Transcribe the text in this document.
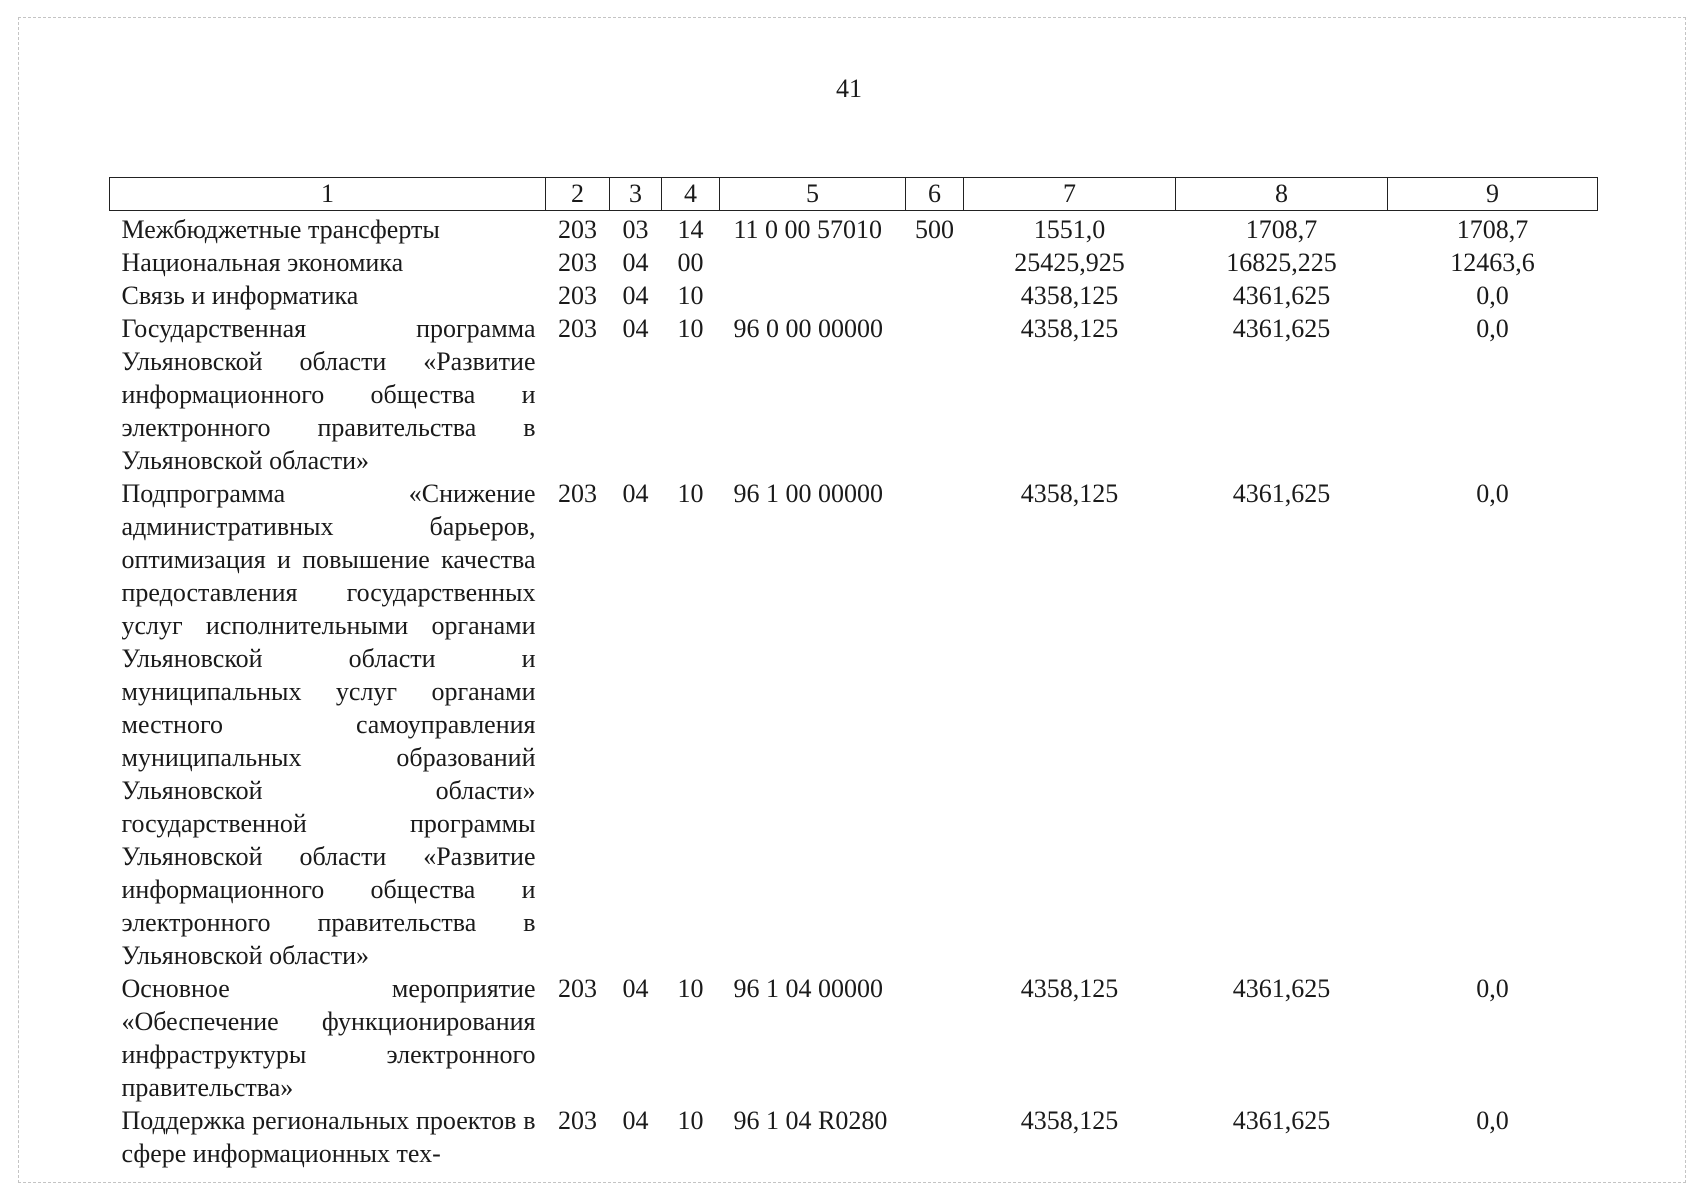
41
1	2	3	4	5	6	7	8	9
Межбюджетные трансферты	203	03	14	11 0 00 57010	500	1551,0	1708,7	1708,7
Национальная экономика	203	04	00			25425,925	16825,225	12463,6
Связь и информатика	203	04	10			4358,125	4361,625	0,0
Государственная программа Ульяновской области «Развитие информационного общества и электронного правительства в Ульяновской области»	203	04	10	96 0 00 00000		4358,125	4361,625	0,0
Подпрограмма «Снижение административных барьеров, оптимизация и повышение качества предоставления государственных услуг исполнительными органами Ульяновской области и муниципальных услуг органами местного самоуправления муниципальных образований Ульяновской области» государственной программы Ульяновской области «Развитие информационного общества и электронного правительства в Ульяновской области»	203	04	10	96 1 00 00000		4358,125	4361,625	0,0
Основное мероприятие «Обеспечение функционирования инфраструктуры электронного правительства»	203	04	10	96 1 04 00000		4358,125	4361,625	0,0
Поддержка региональных проектов в сфере информационных тех-	203	04	10	96 1 04 R0280		4358,125	4361,625	0,0
